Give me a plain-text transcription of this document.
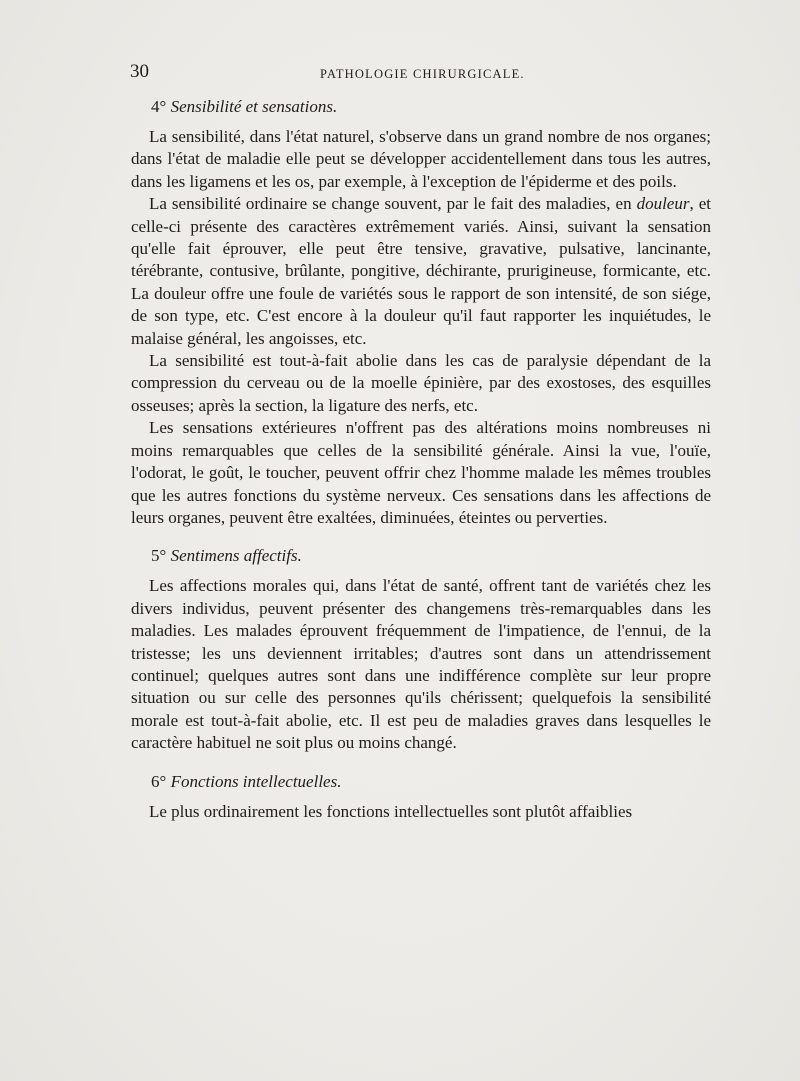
30	PATHOLOGIE CHIRURGICALE.
4° Sensibilité et sensations.

La sensibilité, dans l'état naturel, s'observe dans un grand nombre de nos organes; dans l'état de maladie elle peut se développer accidentellement dans tous les autres, dans les ligamens et les os, par exemple, à l'exception de l'épiderme et des poils.

La sensibilité ordinaire se change souvent, par le fait des maladies, en douleur, et celle-ci présente des caractères extrêmement variés. Ainsi, suivant la sensation qu'elle fait éprouver, elle peut être tensive, gravative, pulsative, lancinante, térébrante, contusive, brûlante, pongitive, déchirante, prurigineuse, formicante, etc. La douleur offre une foule de variétés sous le rapport de son intensité, de son siége, de son type, etc. C'est encore à la douleur qu'il faut rapporter les inquiétudes, le malaise général, les angoisses, etc.

La sensibilité est tout-à-fait abolie dans les cas de paralysie dépendant de la compression du cerveau ou de la moelle épinière, par des exostoses, des esquilles osseuses; après la section, la ligature des nerfs, etc.

Les sensations extérieures n'offrent pas des altérations moins nombreuses ni moins remarquables que celles de la sensibilité générale. Ainsi la vue, l'ouïe, l'odorat, le goût, le toucher, peuvent offrir chez l'homme malade les mêmes troubles que les autres fonctions du système nerveux. Ces sensations dans les affections de leurs organes, peuvent être exaltées, diminuées, éteintes ou perverties.

5° Sentimens affectifs.

Les affections morales qui, dans l'état de santé, offrent tant de variétés chez les divers individus, peuvent présenter des changemens très-remarquables dans les maladies. Les malades éprouvent fréquemment de l'impatience, de l'ennui, de la tristesse; les uns deviennent irritables; d'autres sont dans un attendrissement continuel; quelques autres sont dans une indifférence complète sur leur propre situation ou sur celle des personnes qu'ils chérissent; quelquefois la sensibilité morale est tout-à-fait abolie, etc. Il est peu de maladies graves dans lesquelles le caractère habituel ne soit plus ou moins changé.

6° Fonctions intellectuelles.

Le plus ordinairement les fonctions intellectuelles sont plutôt affaiblies
